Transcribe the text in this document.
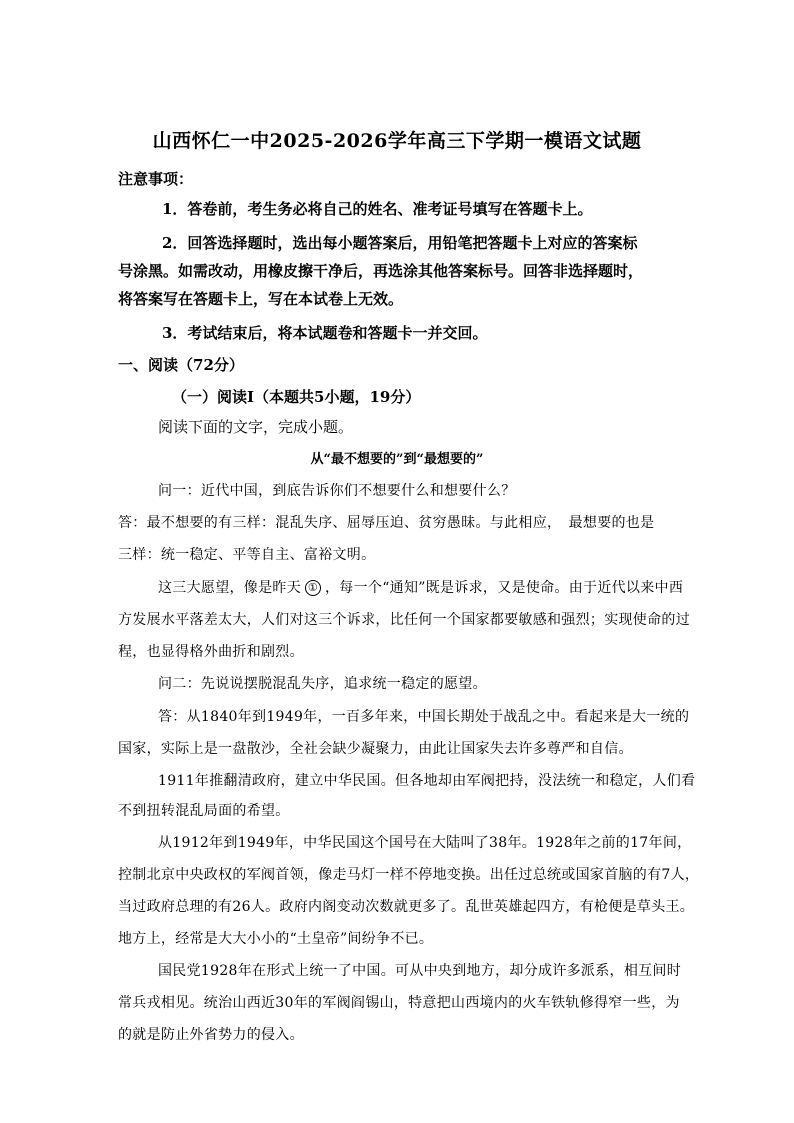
山西怀仁一中2025-2026学年高三下学期一模语文试题
注意事项：
1．答卷前，考生务必将自己的姓名、准考证号填写在答题卡上。
2．回答选择题时，选出每小题答案后，用铅笔把答题卡上对应的答案标
号涂黑。如需改动，用橡皮擦干净后，再选涂其他答案标号。回答非选择题时，
将答案写在答题卡上，写在本试卷上无效。
3．考试结束后，将本试题卷和答题卡一并交回。
一、阅读（72分）
（一）阅读I（本题共5小题，19分）
阅读下面的文字，完成小题。
从“最不想要的”到“最想要的”
问一：近代中国，到底告诉你们不想要什么和想要什么？
答：最不想要的有三样：混乱失序、屈辱压迫、贫穷愚昧。与此相应，　最想要的也是
三样：统一稳定、平等自主、富裕文明。
这三大愿望，像是昨天 ① ，每一个“通知”既是诉求，又是使命。由于近代以来中西
方发展水平落差太大，人们对这三个诉求，比任何一个国家都要敏感和强烈；实现使命的过
程，也显得格外曲折和剧烈。
问二：先说说摆脱混乱失序，追求统一稳定的愿望。
答：从1840年到1949年，一百多年来，中国长期处于战乱之中。看起来是大一统的
国家，实际上是一盘散沙，全社会缺少凝聚力，由此让国家失去许多尊严和自信。
1911年推翻清政府，建立中华民国。但各地却由军阀把持，没法统一和稳定，人们看
不到扭转混乱局面的希望。
从1912年到1949年，中华民国这个国号在大陆叫了38年。1928年之前的17年间，
控制北京中央政权的军阀首领，像走马灯一样不停地变换。出任过总统或国家首脑的有7人，
当过政府总理的有26人。政府内阁变动次数就更多了。乱世英雄起四方，有枪便是草头王。
地方上，经常是大大小小的“土皇帝”间纷争不已。
国民党1928年在形式上统一了中国。可从中央到地方，却分成许多派系，相互间时
常兵戎相见。统治山西近30年的军阀阎锡山，特意把山西境内的火车铁轨修得窄一些，为
的就是防止外省势力的侵入。
